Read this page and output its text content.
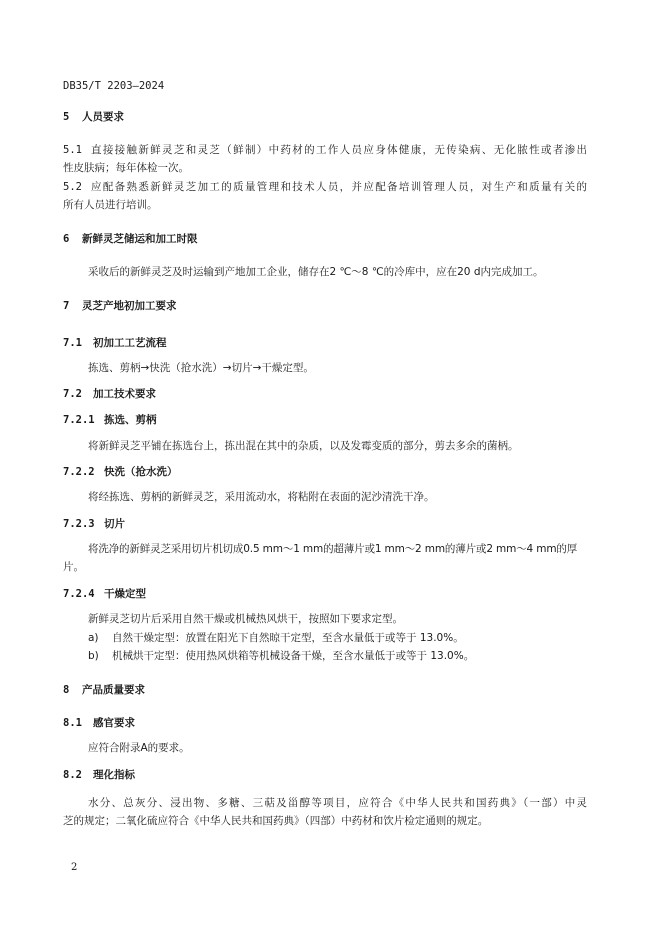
DB35/T 2203—2024
5 人员要求
5.1 直接接触新鲜灵芝和灵芝（鲜制）中药材的工作人员应身体健康，无传染病、无化脓性或者渗出
性皮肤病；每年体检一次。
5.2 应配备熟悉新鲜灵芝加工的质量管理和技术人员，并应配备培训管理人员，对生产和质量有关的
所有人员进行培训。
6 新鲜灵芝储运和加工时限
采收后的新鲜灵芝及时运输到产地加工企业，储存在2 ℃～8 ℃的冷库中，应在20 d内完成加工。
7 灵芝产地初加工要求
7.1 初加工工艺流程
拣选、剪柄→快洗（抢水洗）→切片→干燥定型。
7.2 加工技术要求
7.2.1 拣选、剪柄
将新鲜灵芝平铺在拣选台上，拣出混在其中的杂质，以及发霉变质的部分，剪去多余的菌柄。
7.2.2 快洗（抢水洗）
将经拣选、剪柄的新鲜灵芝，采用流动水，将粘附在表面的泥沙清洗干净。
7.2.3 切片
将洗净的新鲜灵芝采用切片机切成0.5 mm～1 mm的超薄片或1 mm～2 mm的薄片或2 mm～4 mm的厚
片。
7.2.4 干燥定型
新鲜灵芝切片后采用自然干燥或机械热风烘干，按照如下要求定型。
a) 自然干燥定型：放置在阳光下自然晾干定型，至含水量低于或等于 13.0%。
b) 机械烘干定型：使用热风烘箱等机械设备干燥，至含水量低于或等于 13.0%。
8 产品质量要求
8.1 感官要求
应符合附录A的要求。
8.2 理化指标
水分、总灰分、浸出物、多糖、三萜及甾醇等项目，应符合《中华人民共和国药典》（一部）中灵
芝的规定；二氧化硫应符合《中华人民共和国药典》（四部）中药材和饮片检定通则的规定。
2
